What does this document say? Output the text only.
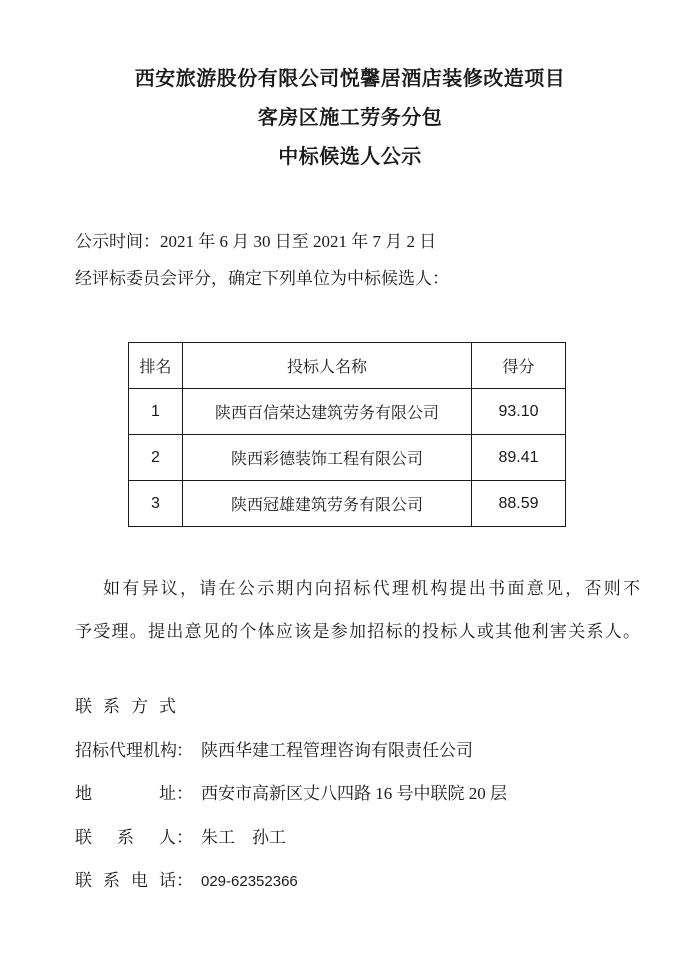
西安旅游股份有限公司悦馨居酒店装修改造项目
客房区施工劳务分包
中标候选人公示
公示时间：2021 年 6 月 30 日至 2021 年 7 月 2 日
经评标委员会评分，确定下列单位为中标候选人：
排名	投标人名称	得分
1	陕西百信荣达建筑劳务有限公司	93.10
2	陕西彩德装饰工程有限公司	89.41
3	陕西冠雄建筑劳务有限公司	88.59
如有异议，请在公示期内向招标代理机构提出书面意见，否则不
予受理。提出意见的个体应该是参加招标的投标人或其他利害关系人。
联 系 方 式
招 标 代 理 机 构 ： 陕西华建工程管理咨询有限责任公司
地	址 ： 西安市高新区丈八四路 16 号中联院 20 层
联 系 人 ： 朱工　孙工
联 系 电 话 ： 029-62352366
